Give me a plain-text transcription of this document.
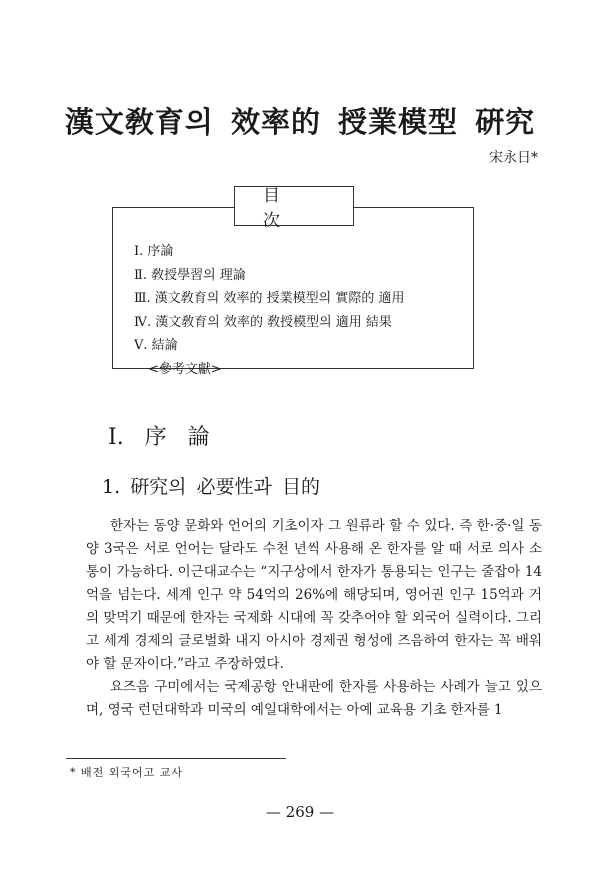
漢文敎育의 效率的 授業模型 硏究
宋永日*
目 次
Ⅰ. 序論
Ⅱ. 敎授學習의 理論
Ⅲ. 漢文敎育의 效率的 授業模型의 實際的 適用
Ⅳ. 漢文敎育의 效率的 敎授模型의 適用 結果
Ⅴ. 結論
<參考文獻>
Ⅰ. 序 論
1. 硏究의 必要性과 目的

한자는 동양 문화와 언어의 기초이자 그 원류라 할 수 있다. 즉 한·중·일 동양 3국은 서로 언어는 달라도 수천 년씩 사용해 온 한자를 알 때 서로 의사 소통이 가능하다. 이근대교수는 “지구상에서 한자가 통용되는 인구는 줄잡아 14억을 넘는다. 세계 인구 약 54억의 26%에 해당되며, 영어권 인구 15억과 거의 맞먹기 때문에 한자는 국제화 시대에 꼭 갖추어야 할 외국어 실력이다. 그리고 세계 경제의 글로벌화 내지 아시아 경제권 형성에 즈음하여 한자는 꼭 배워야 할 문자이다.”라고 주장하였다.

요즈음 구미에서는 국제공항 안내판에 한자를 사용하는 사례가 늘고 있으며, 영국 런던대학과 미국의 예일대학에서는 아예 교육용 기초 한자를 1

* 배전 외국어고 교사
— 269 —
